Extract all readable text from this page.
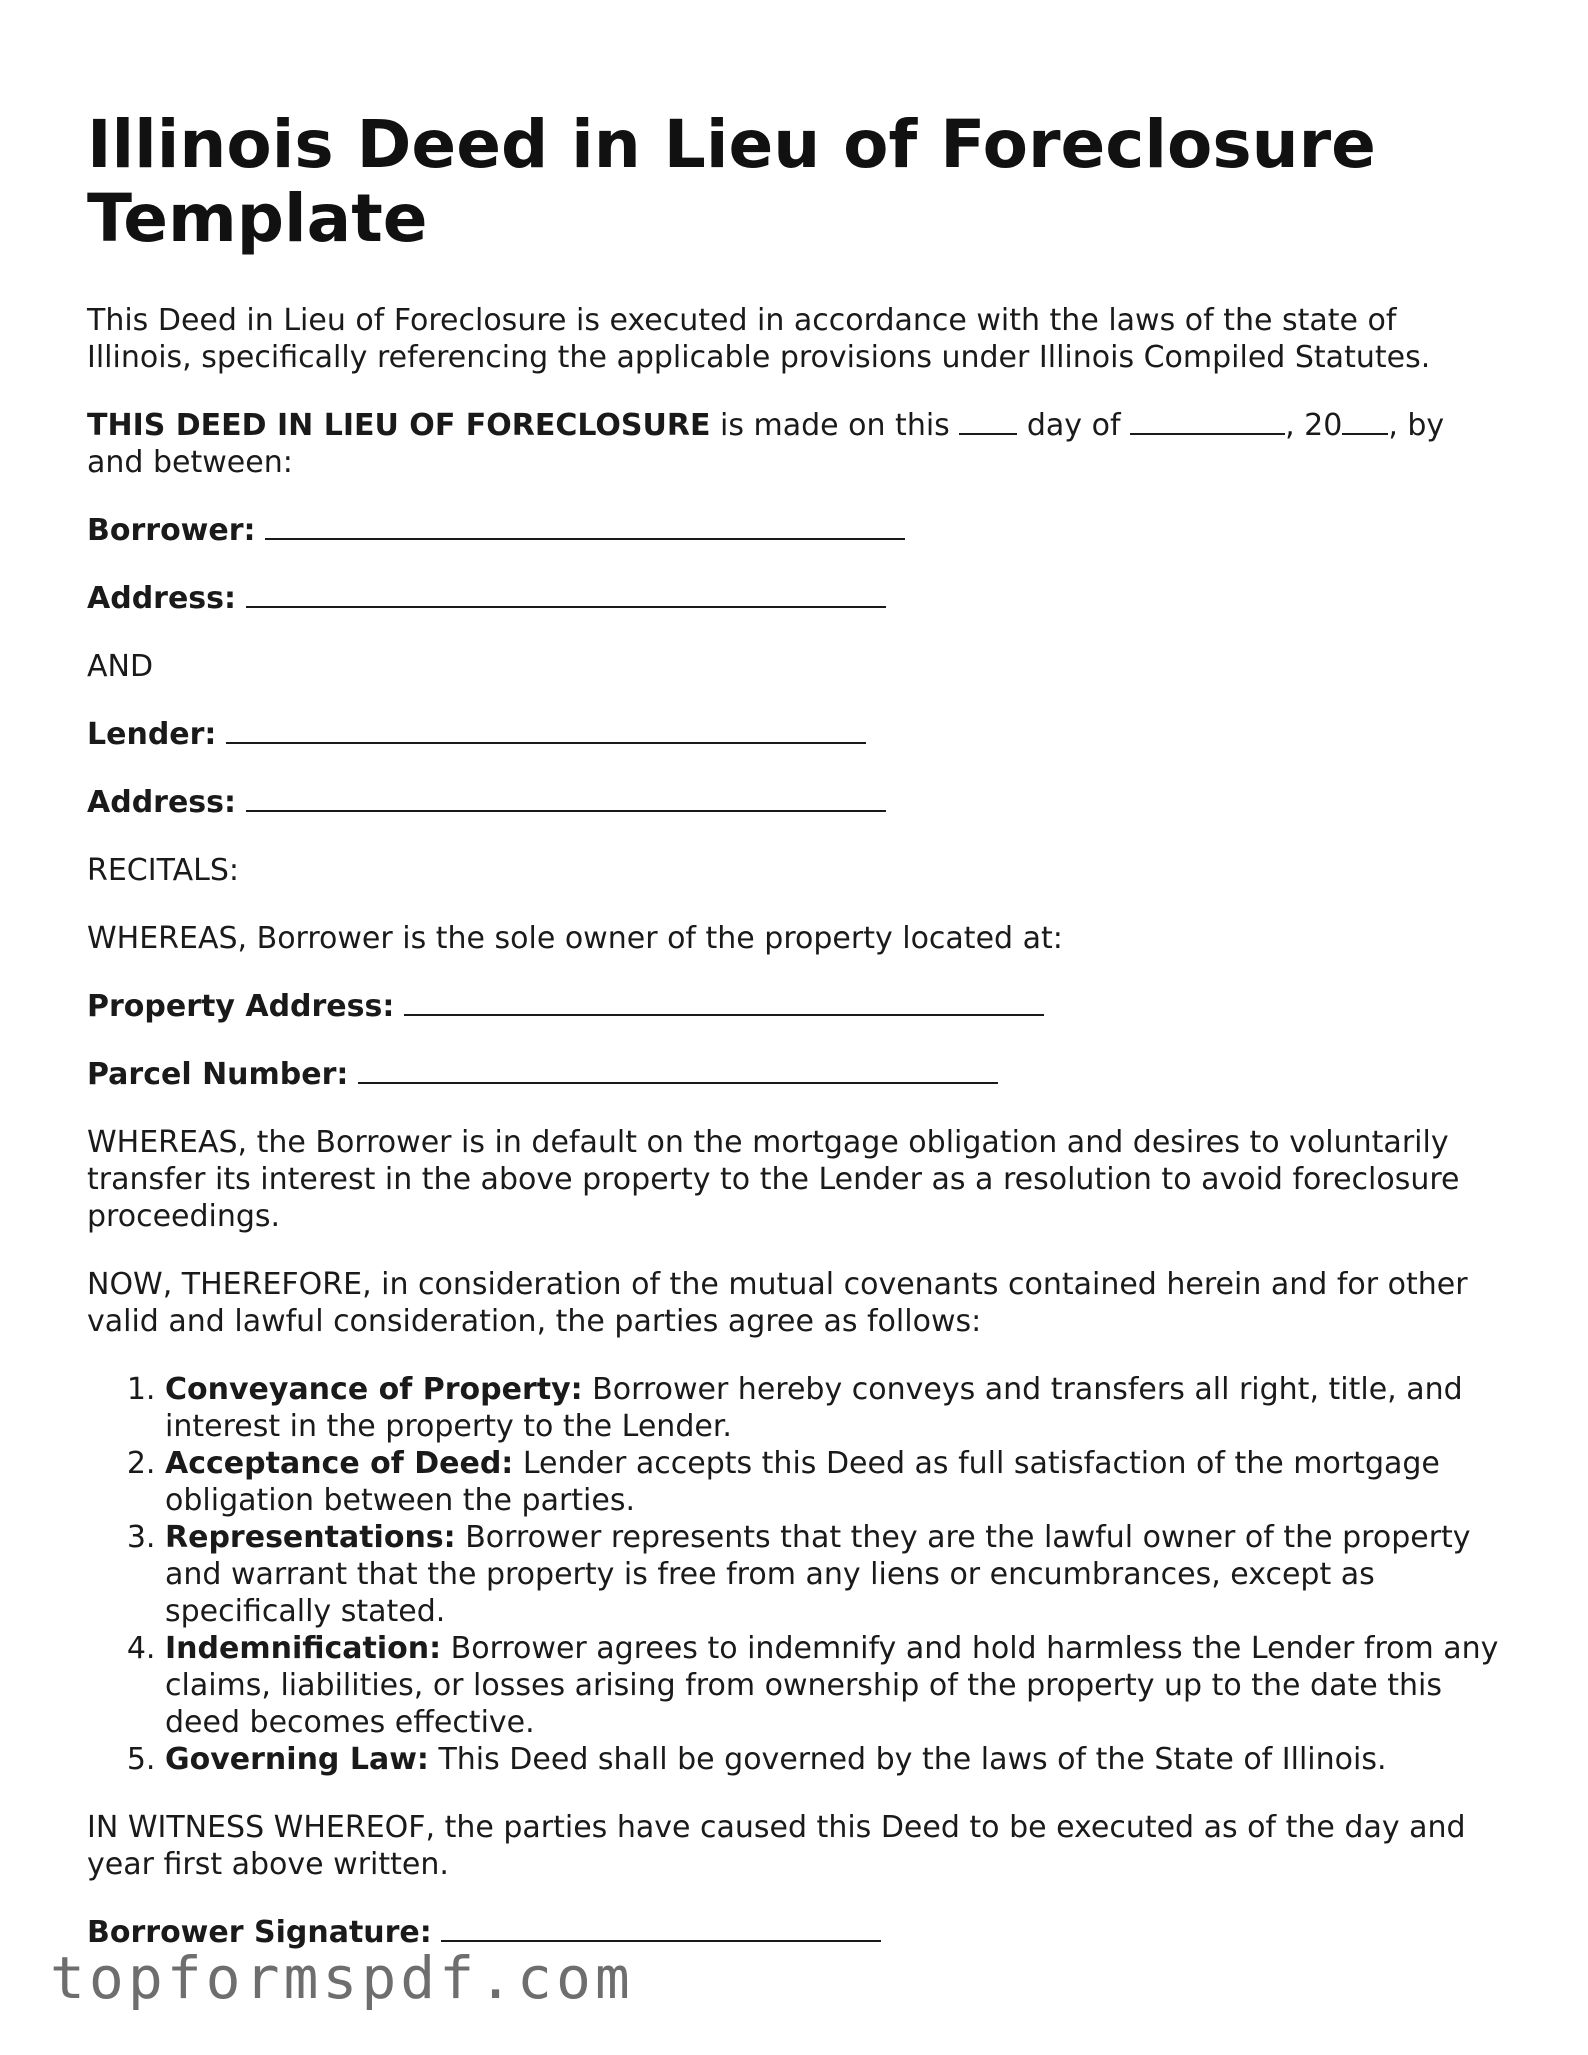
Illinois Deed in Lieu of Foreclosure Template

This Deed in Lieu of Foreclosure is executed in accordance with the laws of the state of Illinois, specifically referencing the applicable provisions under Illinois Compiled Statutes.

THIS DEED IN LIEU OF FORECLOSURE is made on this  day of	, 20 , by and between:

Borrower:
Address:

AND

Lender:
Address:

RECITALS:

WHEREAS, Borrower is the sole owner of the property located at:

Property Address:
Parcel Number:

WHEREAS, the Borrower is in default on the mortgage obligation and desires to voluntarily transfer its interest in the above property to the Lender as a resolution to avoid foreclosure proceedings.

NOW, THEREFORE, in consideration of the mutual covenants contained herein and for other valid and lawful consideration, the parties agree as follows:

1. Conveyance of Property: Borrower hereby conveys and transfers all right, title, and interest in the property to the Lender.
2. Acceptance of Deed: Lender accepts this Deed as full satisfaction of the mortgage obligation between the parties.
3. Representations: Borrower represents that they are the lawful owner of the property and warrant that the property is free from any liens or encumbrances, except as specifically stated.
4. Indemnification: Borrower agrees to indemnify and hold harmless the Lender from any claims, liabilities, or losses arising from ownership of the property up to the date this deed becomes effective.
5. Governing Law: This Deed shall be governed by the laws of the State of Illinois.

IN WITNESS WHEREOF, the parties have caused this Deed to be executed as of the day and year first above written.

Borrower Signature:
topformspdf.com
